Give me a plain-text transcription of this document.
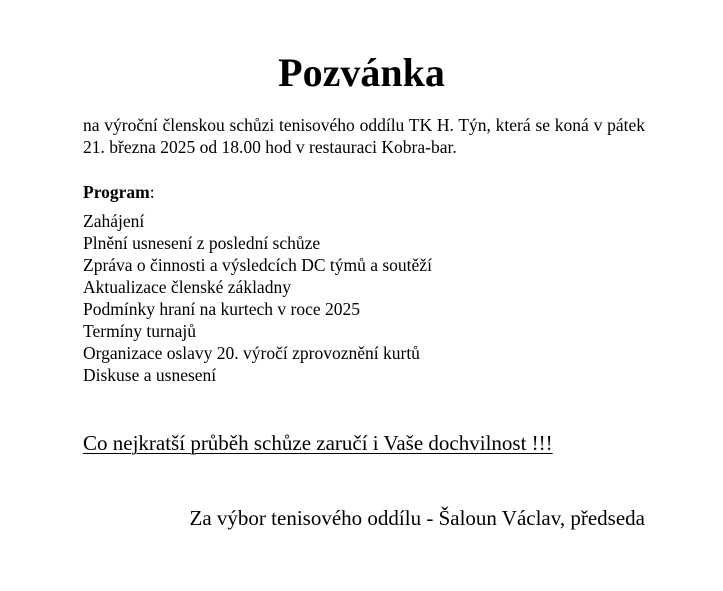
Pozvánka

na výroční členskou schůzi tenisového oddílu TK H. Týn, která se koná v pátek 21. března 2025 od 18.00 hod v restauraci Kobra-bar.

Program:

Zahájení
Plnění usnesení z poslední schůze
Zpráva o činnosti a výsledcích DC týmů a soutěží
Aktualizace členské základny
Podmínky hraní na kurtech v roce 2025
Termíny turnajů
Organizace oslavy 20. výročí zprovoznění kurtů
Diskuse a usnesení

Co nejkratší průběh schůze zaručí i Vaše dochvilnost !!!

Za výbor tenisového oddílu - Šaloun Václav, předseda
